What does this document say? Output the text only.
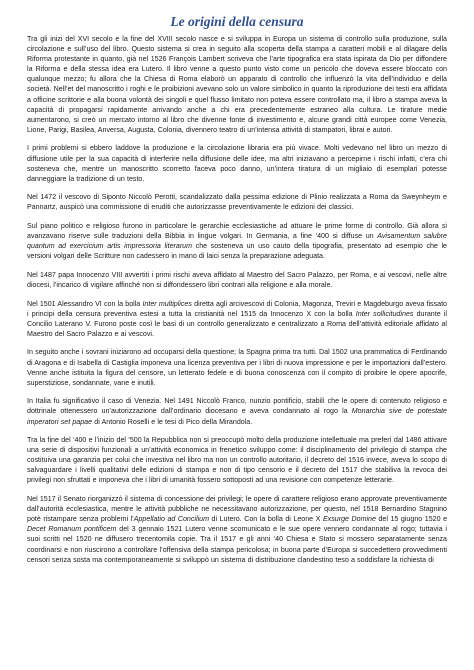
Le origini della censura

Tra gli inizi del XVI secolo e la fine del XVIII secolo nasce e si sviluppa in Europa un sistema di controllo sulla produzione, sulla circolazione e sull’uso del libro. Questo sistema si crea in seguito alla scoperta della stampa a caratteri mobili e al dilagare della Riforma protestante in quanto, già nel 1526 François Lambert scriveva che l’arte tipografica era stata ispirata da Dio per diffondere la Riforma e della stessa idea era Lutero. Il libro venne a questo punto visto come un pericolo che doveva essere bloccato con qualunque mezzo; fu allora che la Chiesa di Roma elaborò un apparato di controllo che influenzò la vita dell’individuo e della società. Nell’et del manoscritto i roghi e le proibizioni avevano solo un valore simbolico in quanto la riproduzione dei testi era affidata a officine scrittorie e alla buona volontà dei singoli e quel flusso limitato non poteva essere controllato ma, il libro a stampa aveva la capacità di propagarsi rapidamente arrivando anche a chi era precedentemente estraneo alla cultura. Le tirature medie aumentarono, si creò un mercato intorno al libro che divenne fonte di investimento e, alcune grandi città europee come Venezia, Lione, Parigi, Basilea, Anversa, Augusta, Colonia, divennero teatro di un’intensa attività di stampatori, librai e autori.

I primi problemi si ebbero laddove la produzione e la circolazione libraria era più vivace. Molti vedevano nel libro un mezzo di diffusione utile per la sua capacità di interferire nella diffusione delle idee, ma altri iniziavano a percepirne i rischi infatti, c’era chi sosteneva che, mentre un manoscritto scorretto faceva poco danno, un’intera tiratura di un migliaio di esemplari potesse danneggiare la tradizione di un testo.

Nel 1472 il vescovo di Siponto Niccolò Perotti, scandalizzato dalla pessima edizione di Plinio realizzata a Roma da Sweynheym e Pannartz, auspicò una commissione di eruditi che autorizzasse preventivamente le edizioni dei classici.

Sul piano politico e religioso furono in particolare le gerarchie ecclesiastiche ad attuare le prime forme di controllo. Già allora si avanzavano riserve sulle traduzioni della Bibbia in lingue volgari. In Germania, a fine ‘400 si diffuse un Avisamentum salubre quantum ad exercicium artis impressoria literarum che sosteneva un uso cauto della tipografia, presentato ad esempio che le versioni volgari delle Scritture non cadessero in mano di laici senza la preparazione adeguata.

Nel 1487 papa Innocenzo VIII avvertiti i primi rischi aveva affidato al Maestro del Sacro Palazzo, per Roma, e ai vescovi, nelle altre diocesi, l’incarico di vigilare affinché non si diffondessero libri contrari alla religione e alla morale.

Nel 1501 Alessandro VI con la bolla Inter multiplices diretta agli arcivescovi di Colonia, Magonza, Treviri e Magdeburgo aveva fissato i principi della censura preventiva estesi a tutta la cristianità nel 1515 da Innocenzo X con la bolla Inter sollicitudines durante il Concilio Laterano V. Furono poste così le basi di un controllo generalizzato e centralizzato a Roma dell’attività editoriale affidato al Maestro del Sacro Palazzo e ai vescovi.

In seguito anche i sovrani iniziarono ad occuparsi della questione; la Spagna prima tra tutti. Dal 1502 una prammatica di Ferdinando di Aragona e di Isabella di Castiglia imponeva una licenza preventiva per i libri di nuova impressione e per le importazioni dall’estero. Venne anche istituita la figura del censore, un letterato fedele e di buona conoscenza con il compito di proibire le opere apocrife, superstiziose, sondannate, vane e inutili.

In Italia fu significativo il caso di Venezia. Nel 1491 Niccolò Franco, nunzio pontificio, stabilì che le opere di contenuto religioso e dottrinale ottenessero un’autorizzazione dall’ordinario diocesano e aveva condannato al rogo la Monarchia sive de potestate imperatori set papae di Antonio Roselli e le tesi di Pico della Mirandola.

Tra la fine del ‘400 e l’inizio del ‘500 la Repubblica non si preoccupò molto della produzione intellettuale ma preferì dal 1486 attivare una serie di dispositivi funzionali a un’attività economica in frenetico sviluppo come: il disciplinamento del privilegio di stampa che costituiva una garanzia per colui che investiva nel libro ma non un controllo autoritario, il decreto del 1516 invece, aveva lo scopo di salvaguardare i livelli qualitativi delle edizioni di stampa e non di tipo censorio e il decreto del 1517 che stabiliva la revoca dei privilegi non sfruttati e imponeva che i libri di umanità fossero sottoposti ad una revisione con competenze letterarie.

Nel 1517 il Senato riorganizzò il sistema di concessione dei privilegi; le opere di carattere religioso erano approvate preventivamente dall’autorità ecclesiastica, mentre le attività pubbliche ne necessitavano autorizzazione, per questo, nel 1518 Bernardino Stagnino potè ristampare senza problemi l’Appellatio ad Concilium di Lutero. Con la bolla di Leone X Exsurge Domine del 15 giugno 1520 e Decet Romanum pontificem del 3 gennaio 1521 Lutero venne scomunicato e le sue opere vennero condannate al rogo; tuttavia i suoi scritti nel 1520 ne diffusero trecentomila copie. Tra il 1517 e gli anni ‘40 Chiesa e Stato si mossero separatamente senza coordinarsi e non riuscirono a controllare l’offensiva della stampa pericolosa; in buona parte d’Europa si succedettero provvedimenti censori senza sosta ma contemporaneamente si sviluppò un sistema di distribuzione clandestino teso a soddisfare la richiesta di
